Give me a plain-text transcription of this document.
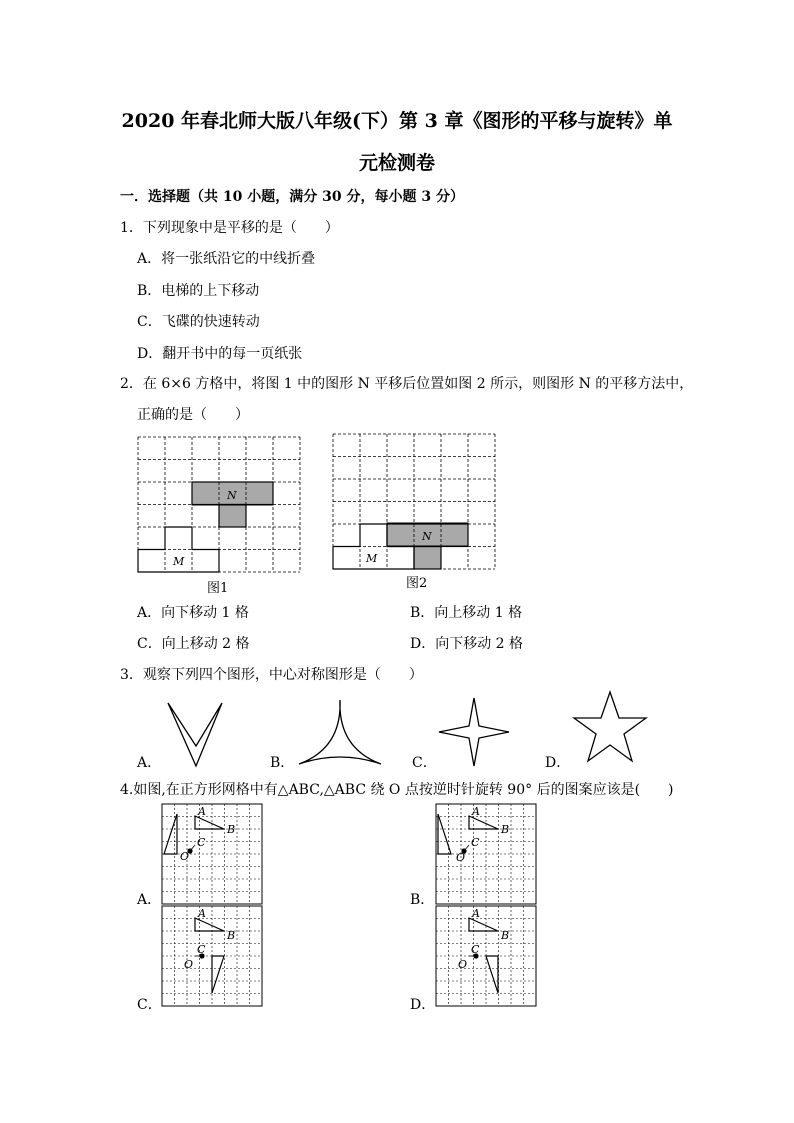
2020 年春北师大版八年级(下）第 3 章《图形的平移与旋转》单
元检测卷
一．选择题（共 10 小题，满分 30 分，每小题 3 分）
1．下列现象中是平移的是（　　）
A．将一张纸沿它的中线折叠
B．电梯的上下移动
C．飞碟的快速转动
D．翻开书中的每一页纸张
2．在 6×6 方格中，将图 1 中的图形 N 平移后位置如图 2 所示，则图形 N 的平移方法中，
正确的是（　　）
N
M
图1
N
M
图2
A．向下移动 1 格	B．向上移动 1 格
C．向上移动 2 格	D．向下移动 2 格
3．观察下列四个图形，中心对称图形是（　　）
A．	B．	C．	D．
4.如图,在正方形网格中有△ABC,△ABC 绕 O 点按逆时针旋转 90° 后的图案应该是(　　)
A
B
C
O
A．
A
B
C
O
B．
A
B
C
O
C．
A
B
C
O
D．
